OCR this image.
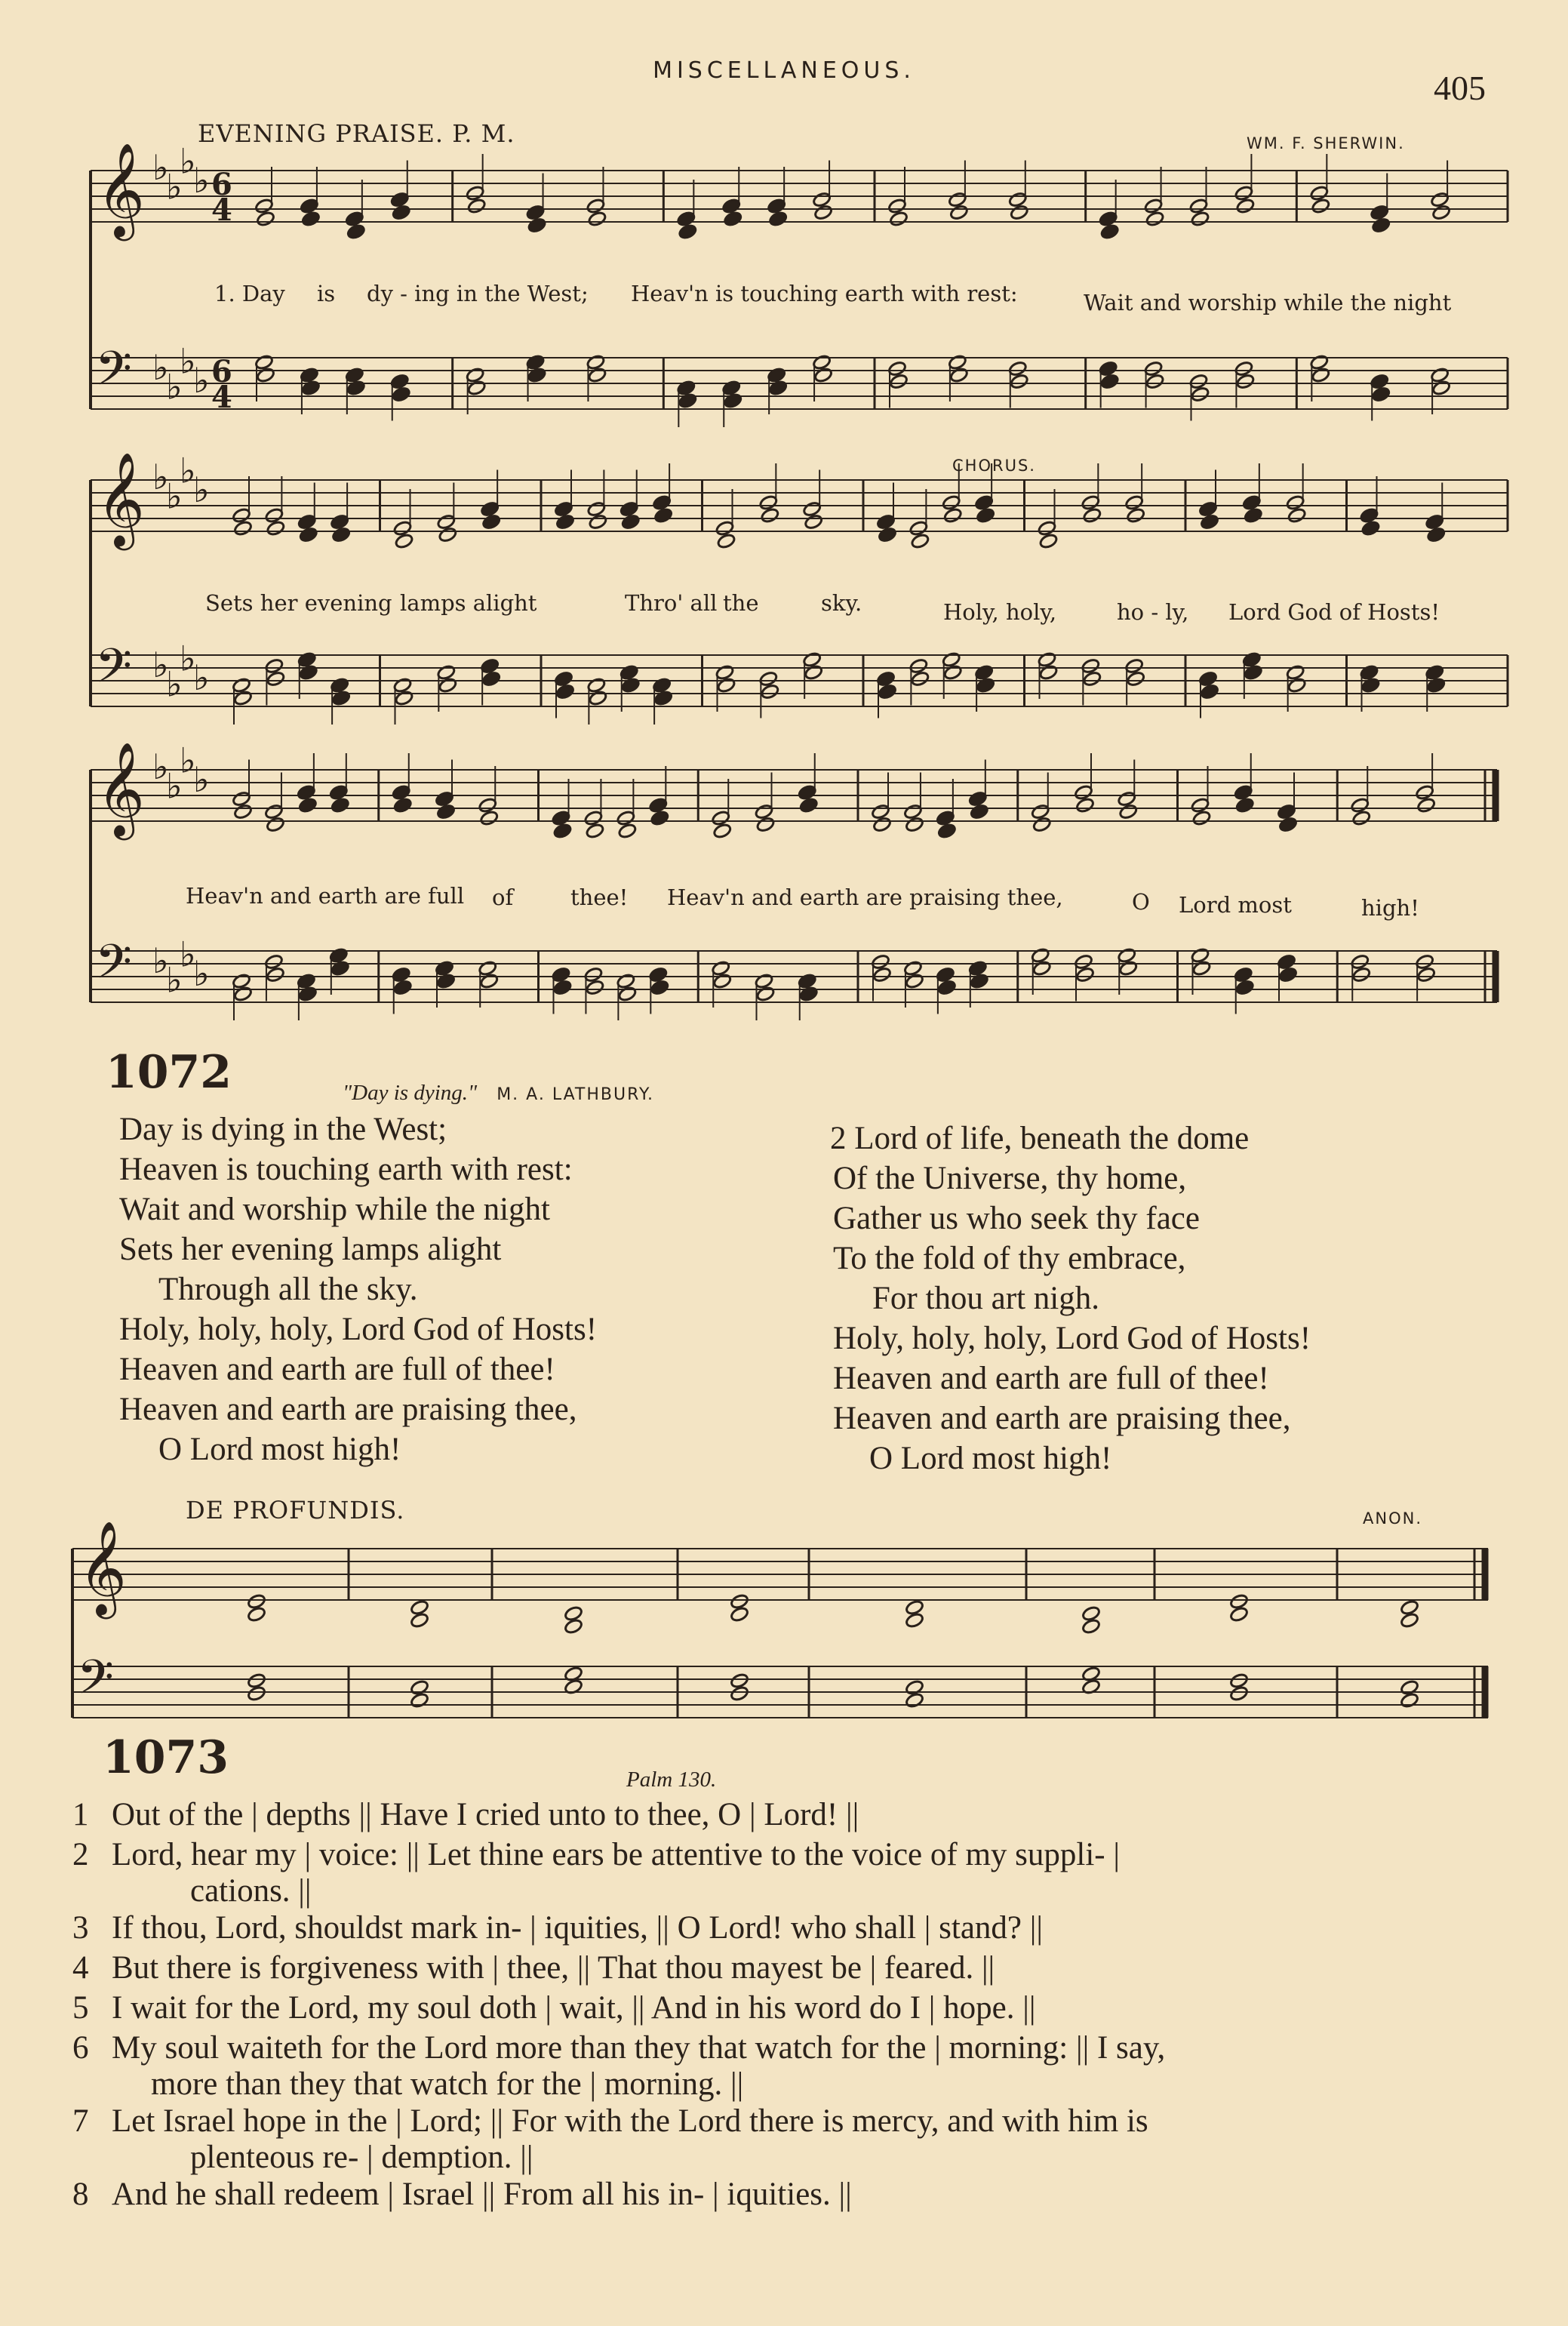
MISCELLANEOUS.	405
EVENING PRAISE. P. M.	WM. F. SHERWIN.
𝄞
𝄢
♭
♭
♭
♭
♭
♭
♭
♭
6
4
6
4
𝄞
𝄢
♭
♭
♭
♭
♭
♭
♭
♭
𝄞
𝄢
♭
♭
♭
♭
♭
♭
♭
♭
𝄞
𝄢
CHORUS.
1. Day is dy - ing in the West; Heav'n is touching earth with rest:	Wait and worship while the night
Sets her evening lamps alight	Thro' all the	sky.	Holy, holy,	ho - ly, Lord God of Hosts!
Heav'n and earth are full of	thee! Heav'n and earth are praising thee,	O Lord most	high!
1072	"Day is dying." M. A. LATHBURY.
Day is dying in the West;
Heaven is touching earth with rest:
Wait and worship while the night
Sets her evening lamps alight
Through all the sky.
Holy, holy, holy, Lord God of Hosts!
Heaven and earth are full of thee!
Heaven and earth are praising thee,
O Lord most high!
2 Lord of life, beneath the dome
Of the Universe, thy home,
Gather us who seek thy face
To the fold of thy embrace,
For thou art nigh.
Holy, holy, holy, Lord God of Hosts!
Heaven and earth are full of thee!
Heaven and earth are praising thee,
O Lord most high!
DE PROFUNDIS.	ANON.
1073	Palm 130.
1 Out of the | depths || Have I cried unto to thee, O | Lord! ||
2 Lord, hear my | voice: || Let thine ears be attentive to the voice of my suppli- |
cations. ||
3 If thou, Lord, shouldst mark in- | iquities, || O Lord! who shall | stand? ||
4 But there is forgiveness with | thee, || That thou mayest be | feared. ||
5 I wait for the Lord, my soul doth | wait, || And in his word do I | hope. ||
6 My soul waiteth for the Lord more than they that watch for the | morning: || I say,
more than they that watch for the | morning. ||
7 Let Israel hope in the | Lord; || For with the Lord there is mercy, and with him is
plenteous re- | demption. ||
8 And he shall redeem | Israel || From all his in- | iquities. ||
